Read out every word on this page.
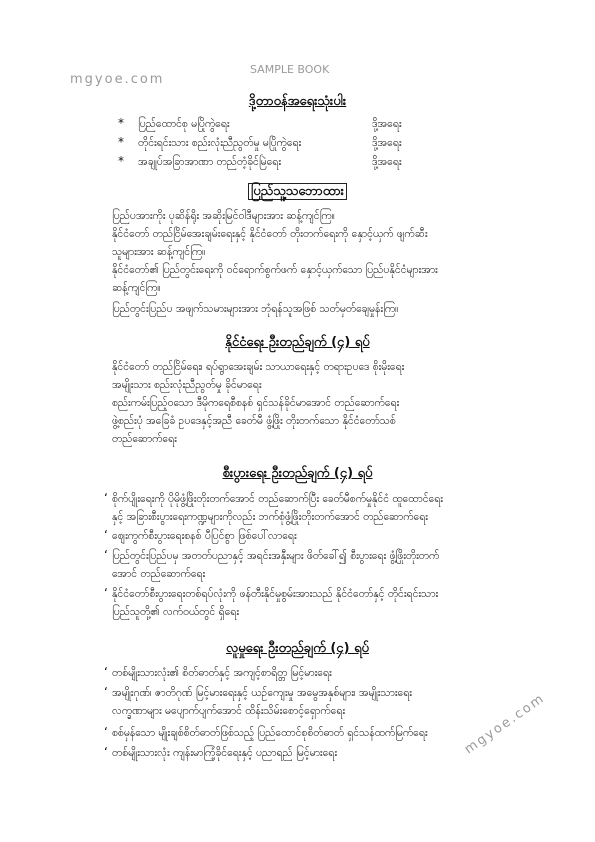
mgyoe.com
SAMPLE BOOK
mgyoe.com
ဒို့တာဝန်အရေးသုံးပါး
* ပြည်ထောင်စု မပြိုကွဲရေး	ဒို့အရေး
* တိုင်းရင်းသား စည်းလုံးညီညွတ်မှု မပြိုကွဲရေး	ဒို့အရေး
* အချုပ်အခြာအာဏာ တည်တံ့ခိုင်မြဲရေး	ဒို့အရေး
ပြည်သူ့သဘောထား
ပြည်ပအားကိုး ပုဆိန်ရိုး အဆိုးမြင်ဝါဒီများအား ဆန့်ကျင်ကြ။
နိုင်ငံတော် တည်ငြိမ်အေးချမ်းရေးနှင့် နိုင်ငံတော် တိုးတက်ရေးကို နှောင့်ယှက် ဖျက်ဆီး
သူများအား ဆန့်ကျင်ကြ။
နိုင်ငံတော်၏ ပြည်တွင်းရေးကို ဝင်ရောက်စွက်ဖက် နှောင့်ယှက်သော ပြည်ပနိုင်ငံများအား
ဆန့်ကျင်ကြ။
ပြည်တွင်းပြည်ပ အဖျက်သမားများအား ဘုံရန်သူအဖြစ် သတ်မှတ်ချေမှုန်းကြ။
နိုင်ငံရေး ဦးတည်ချက် (၄) ရပ်
နိုင်ငံတော် တည်ငြိမ်ရေး၊ ရပ်ရွာအေးချမ်း သာယာရေးနှင့် တရားဥပဒေ စိုးမိုးရေး
အမျိုးသား စည်းလုံးညီညွတ်မှု ခိုင်မာရေး
စည်းကမ်းပြည့်ဝသော ဒီမိုကရေစီစနစ် ရှင်သန်ခိုင်မာအောင် တည်ဆောက်ရေး
ဖွဲ့စည်းပုံ အခြေခံ ဥပဒေနှင့်အညီ ခေတ်မီ ဖွံ့ဖြိုး တိုးတက်သော နိုင်ငံတော်သစ်
တည်ဆောက်ရေး
စီးပွားရေး ဦးတည်ချက် (၄) ရပ်
ʻ စိုက်ပျိုးရေးကို ပိုမိုဖွံ့ဖြိုးတိုးတက်အောင် တည်ဆောက်ပြီး ခေတ်မီစက်မှုနိုင်ငံ ထူထောင်ရေး
နှင့် အခြားစီးပွားရေးကဏ္ဍများကိုလည်း ဘက်စုံဖွံ့ဖြိုးတိုးတက်အောင် တည်ဆောက်ရေး
ʻ ဈေးကွက်စီးပွားရေးစနစ် ပီပြင်စွာ ဖြစ်ပေါ်လာရေး
ʻ ပြည်တွင်းပြည်ပမှ အတတ်ပညာနှင့် အရင်းအနှီးများ ဖိတ်ခေါ်၍ စီးပွားရေး ဖွံ့ဖြိုးတိုးတက်
အောင် တည်ဆောက်ရေး
ʻ နိုင်ငံတော်စီးပွားရေးတစ်ရပ်လုံးကို ဖန်တီးနိုင်မှုစွမ်းအားသည် နိုင်ငံတော်နှင့် တိုင်းရင်းသား
ပြည်သူတို့၏ လက်ဝယ်တွင် ရှိရေး
လူမှုရေး ဦးတည်ချက် (၄) ရပ်
ʻ တစ်မျိုးသားလုံး၏ စိတ်ဓာတ်နှင့် အကျင့်စာရိတ္တ မြင့်မားရေး
ʻ အမျိုးဂုဏ်၊ ဇာတိဂုဏ် မြင့်မားရေးနှင့် ယဉ်ကျေးမှု အမွေအနှစ်များ၊ အမျိုးသားရေး
လက္ခဏာများ မပျောက်ပျက်အောင် ထိန်းသိမ်းစောင့်ရှောက်ရေး
ʻ စစ်မှန်သော မျိုးချစ်စိတ်ဓာတ်ဖြစ်သည့် ပြည်ထောင်စုစိတ်ဓာတ် ရှင်သန်ထက်မြက်ရေး
ʻ တစ်မျိုးသားလုံး ကျန်းမာကြံ့ခိုင်ရေးနှင့် ပညာရည် မြင့်မားရေး
